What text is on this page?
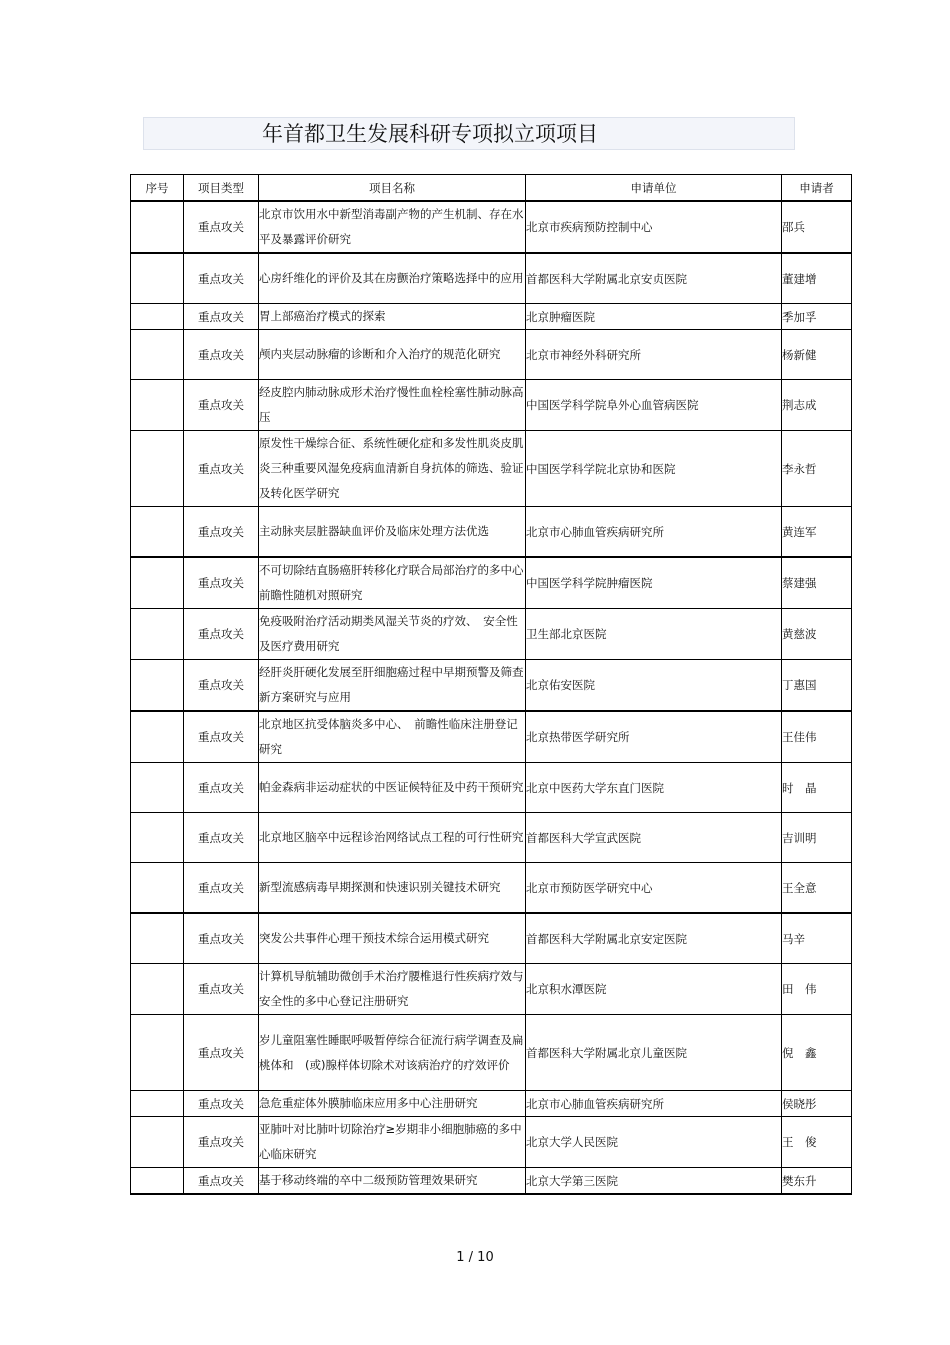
年首都卫生发展科研专项拟立项项目
序号	项目类型	项目名称	申请单位	申请者
	重点攻关	北京市饮用水中新型消毒副产物的产生机制、存在水平及暴露评价研究	北京市疾病预防控制中心	邵兵
	重点攻关	心房纤维化的评价及其在房颤治疗策略选择中的应用	首都医科大学附属北京安贞医院	董建增
	重点攻关	胃上部癌治疗模式的探索	北京肿瘤医院	季加孚
	重点攻关	颅内夹层动脉瘤的诊断和介入治疗的规范化研究	北京市神经外科研究所	杨新健
	重点攻关	经皮腔内肺动脉成形术治疗慢性血栓栓塞性肺动脉高压	中国医学科学院阜外心血管病医院	荆志成
	重点攻关	原发性干燥综合征、系统性硬化症和多发性肌炎皮肌炎三种重要风湿免疫病血清新自身抗体的筛选、验证及转化医学研究	中国医学科学院北京协和医院	李永哲
	重点攻关	主动脉夹层脏器缺血评价及临床处理方法优选	北京市心肺血管疾病研究所	黄连军
	重点攻关	不可切除结直肠癌肝转移化疗联合局部治疗的多中心前瞻性随机对照研究	中国医学科学院肿瘤医院	蔡建强
	重点攻关	免疫吸附治疗活动期类风湿关节炎的疗效、　安全性及医疗费用研究	卫生部北京医院	黄慈波
	重点攻关	经肝炎肝硬化发展至肝细胞癌过程中早期预警及筛查新方案研究与应用	北京佑安医院	丁惠国
	重点攻关	北京地区抗受体脑炎多中心、　前瞻性临床注册登记研究	北京热带医学研究所	王佳伟
	重点攻关	帕金森病非运动症状的中医证候特征及中药干预研究	北京中医药大学东直门医院	时　晶
	重点攻关	北京地区脑卒中远程诊治网络试点工程的可行性研究	首都医科大学宣武医院	吉训明
	重点攻关	新型流感病毒早期探测和快速识别关键技术研究	北京市预防医学研究中心	王全意
	重点攻关	突发公共事件心理干预技术综合运用模式研究	首都医科大学附属北京安定医院	马辛
	重点攻关	计算机导航辅助微创手术治疗腰椎退行性疾病疗效与安全性的多中心登记注册研究	北京积水潭医院	田　伟
	重点攻关	岁儿童阻塞性睡眠呼吸暂停综合征流行病学调查及扁桃体和　(或)腺样体切除术对该病治疗的疗效评价	首都医科大学附属北京儿童医院	倪　鑫
	重点攻关	急危重症体外膜肺临床应用多中心注册研究	北京市心肺血管疾病研究所	侯晓彤
	重点攻关	亚肺叶对比肺叶切除治疗≥岁期非小细胞肺癌的多中心临床研究	北京大学人民医院	王　俊
	重点攻关	基于移动终端的卒中二级预防管理效果研究	北京大学第三医院	樊东升
1 / 10
